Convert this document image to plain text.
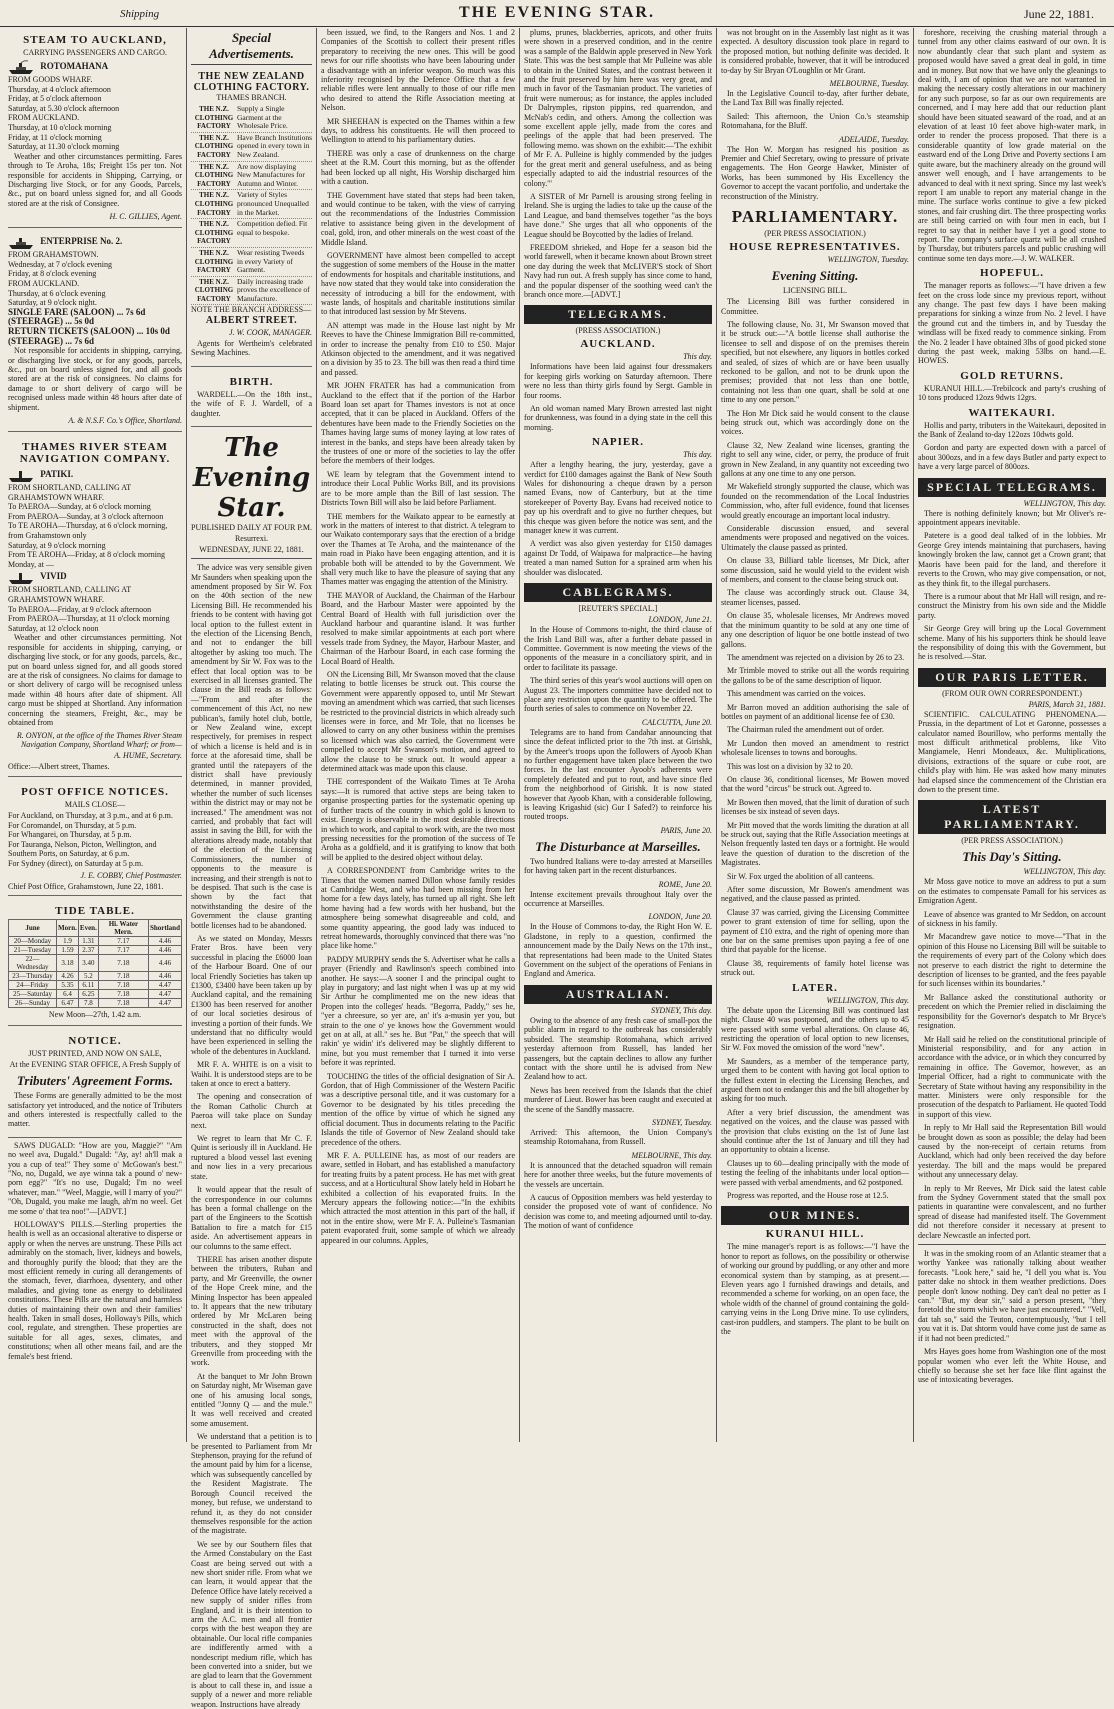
Shipping	THE EVENING STAR.	June 22, 1881.
STEAM TO AUCKLAND,
CARRYING PASSENGERS AND CARGO.
ROTOMAHANA
FROM GOODS WHARF.
Thursday, at 4 o'clock afternoon
Friday, at 5 o'clock afternoon
Saturday, at 5.30 o'clock afternoon
FROM AUCKLAND.
Thursday, at 10 o'clock morning
Friday, at 11 o'clock morning
Saturday, at 11.30 o'clock morning

Weather and other circumstances permitting. Fares through to Te Aroha, 18s; Freight 15s per ton. Not responsible for accidents in Shipping, Carrying, or Discharging live Stock, or for any Goods, Parcels, &c., put on board unless signed for, and all Goods stored are at the risk of Consignee.

H. C. GILLIES, Agent.
ENTERPRISE No. 2.
FROM GRAHAMSTOWN.
Wednesday, at 7 o'clock evening
Friday, at 8 o'clock evening
FROM AUCKLAND.
Thursday, at 6 o'clock evening
Saturday, at 9 o'clock night.
SINGLE FARE (SALOON) ... 7s 6d
(STEERAGE) ... 5s 0d
RETURN TICKETS (SALOON) ... 10s 0d
(STEERAGE) ... 7s 6d

Not responsible for accidents in shipping, carrying, or discharging live stock, or for any goods, parcels, &c., put on board unless signed for, and all goods stored are at the risk of consignees. No claims for damage to or short delivery of cargo will be recognised unless made within 48 hours after date of shipment.

A. & N.S.F. Co.'s Office, Shortland.
THAMES RIVER STEAM NAVIGATION COMPANY.
PATIKI.
FROM SHORTLAND, CALLING AT GRAHAMSTOWN WHARF.
To PAEROA—Sunday, at 6 o'clock morning
From PAEROA—Sunday, at 3 o'clock afternoon
To TE AROHA—Thursday, at 6 o'clock morning, from Grahamstown only
Saturday, at 9 o'clock morning
From TE AROHA—Friday, at 8 o'clock morning
Monday, at —
VIVID
FROM SHORTLAND, CALLING AT GRAHAMSTOWN WHARF.
To PAEROA—Friday, at 9 o'clock afternoon
From PAEROA—Thursday, at 11 o'clock morning
Saturday, at 12 o'clock noon

Weather and other circumstances permitting. Not responsible for accidents in shipping, carrying, or discharging live stock, or for any goods, parcels, &c., put on board unless signed for, and all goods stored are at the risk of consignees. No claims for damage to or short delivery of cargo will be recognised unless made within 48 hours after date of shipment. All cargo must be shipped at Shortland. Any information concerning the steamers, Freight, &c., may be obtained from

R. ONYON, at the office of the Thames River Steam Navigation Company, Shortland Wharf; or from—
A. HUME, Secretary.
Office:—Albert street, Thames.
POST OFFICE NOTICES.
MAILS CLOSE—
For Auckland, on Thursday, at 3 p.m., and at 6 p.m.
For Coromandel, on Thursday, at 5 p.m.
For Whangarei, on Thursday, at 5 p.m.
For Tauranga, Nelson, Picton, Wellington, and Southern Ports, on Saturday, at 6 p.m.
For Sydney (direct), on Saturday at 5 p.m.
J. E. COBBY, Chief Postmaster.
Chief Post Office, Grahamstown, June 22, 1881.
TIDE TABLE.
June	Morn.	Even.	Hi. Water Mern.	Shortland
20—Monday	1.9	1.31	7.17	4.46
21—Tuesday	1.59	2.37	7.17	4.46
22—Wednesday	3.18	3.40	7.18	4.46
23—Thursday	4.26	5.2	7.18	4.46
24—Friday	5.35	6.11	7.18	4.47
25—Saturday	6.4	6.25	7.18	4.47
26—Sunday	6.47	7.8	7.18	4.47
New Moon—27th, 1.42 a.m.
NOTICE.
JUST PRINTED, AND NOW ON SALE,
At the EVENING STAR OFFICE, A Fresh Supply of
Tributers' Agreement Forms.

These Forms are generally admitted to be the most satisfactory yet introduced, and the notice of Tributers and others interested is respectfully called to the matter.

SAWS DUGALD: "How are you, Maggie?" "Am no weel ava, Dugald." Dugald: "Ay, ay! ah'll mak a you a cup of tea!" They some o' McGowan's best." "No, no, Dugald, we aye winna tak a pound o' new-porn egg?" "It's no use, Dugald; I'm no weel whatever, man." "Weel, Maggie, will I marry of you?" "Oh, Dugald, you make me laugh, ah'm no weel. Get me some o' that tea noo!"—[ADVT.]

HOLLOWAY'S PILLS.—Sterling properties the health is well as an occasional alterative to disperse or apply or when the nerves are unstrung. These Pills act admirably on the stomach, liver, kidneys and bowels, and thoroughly purify the blood; that they are the most efficient remedy in curing all derangements of the stomach, fever, diarrhoea, dysentery, and other maladies, and giving tone as energy to debilitated constitutions. These Pills are the natural and harmless duties of maintaining their own and their families' health. Taken in small doses, Holloway's Pills, which cool, regulate, and strengthen. These properties are suitable for all ages, sexes, climates, and constitutions; when all other means fail, and are the female's best friend.

Special Advertisements.
THE NEW ZEALAND CLOTHING FACTORY.
THAMES BRANCH.
THE N.Z. CLOTHING FACTORY
Supply a Single Garment at the Wholesale Price.
THE N.Z. CLOTHING FACTORY
Have Branch Institutions opened in every town in New Zealand.
THE N.Z. CLOTHING FACTORY
Are now displaying New Manufactures for Autumn and Winter.
THE N.Z. CLOTHING FACTORY
Variety of Styles pronounced Unequalled in the Market.
THE N.Z. CLOTHING FACTORY
Competition defied. Fit equal to bespoke.
THE N.Z. CLOTHING FACTORY
Wear resisting Tweeds in every Variety of Garment.
THE N.Z. CLOTHING FACTORY
Daily increasing trade proves the excellence of Manufacture.
NOTE THE BRANCH ADDRESS—
ALBERT STREET.
J. W. COOK, MANAGER.

Agents for Wertheim's celebrated Sewing Machines.

BIRTH.

WARDELL.—On the 18th inst., the wife of F. J. Wardell, of a daughter.

The Evening Star.
PUBLISHED DAILY AT FOUR P.M.
Resurrexi.
WEDNESDAY, JUNE 22, 1881.

The advice was very sensible given Mr Saunders when speaking upon the amendment proposed by Sir W. Fox on the 40th section of the new Licensing Bill. He recommended his friends to be content with having got local option to the fullest extent in the election of the Licensing Bench, and not to endanger the bill altogether by asking too much. The amendment by Sir W. Fox was to the effect that local option was to be exercised in all licenses granted. The clause in the Bill reads as follows:—"From and after the commencement of this Act, no new publican's, family hotel club, bottle, or New Zealand wine, except respectively, for premises in respect of which a license is held and is in force at the aforesaid time, shall be granted until the ratepayers of the district shall have previously determined, in manner provided, whether the number of such licenses within the district may or may not be increased." The amendment was not carried, and probably that fact will assist in saving the Bill, for with the alterations already made, notably that of the election of the Licensing Commissioners, the number of opponents to the measure is increasing, and their strength is not to be despised. That such is the case is shown by the fact that notwithstanding the desire of the Government the clause granting bottle licenses had to be abandoned.

As we stated on Monday, Messrs Frater Bros. have been very successful in placing the £6000 loan of the Harbour Board. One of our local Friendly Societies has taken up £1300, £3400 have been taken up by Auckland capital, and the remaining £1300 has been reserved for another of our local societies desirous of investing a portion of their funds. We understand that no difficulty would have been experienced in selling the whole of the debentures in Auckland.

MR F. A. WHITE is on a visit to Waihi. It is understood steps are to be taken at once to erect a battery.

The opening and consecration of the Roman Catholic Church at Paeroa will take place on Sunday next.

We regret to learn that Mr C. F. Quint is seriously ill in Auckland. He ruptured a blood vessel last evening and now lies in a very precarious state.

It would appear that the result of the correspondence in our columns has been a formal challenge on the part of the Engineers to the Scottish Battalion to fire a match for £15 aside. An advertisement appears in our columns to the same effect.

THERE has arisen another dispute between the tributers, Ruhan and party, and Mr Greenville, the owner of the Hope Creek mine, and the Mining Inspector has been appealed to. It appears that the new tributary ordered by Mr McLaren being constructed in the shaft, does not meet with the approval of the tributers, and they stopped Mr Greenville from proceeding with the work.

At the banquet to Mr John Brown on Saturday night, Mr Wiseman gave one of his amusing local songs, entitled "Jonny Q — and the mule." It was well received and created some amusement.

We understand that a petition is to be presented to Parliament from Mr Stephenson, praying for the refund of the amount paid by him for a license, which was subsequently cancelled by the Resident Magistrate. The Borough Council received the money, but refuse, we understand to refund it, as they do not consider themselves responsible for the action of the magistrate.

We see by our Southern files that the Armed Constabulary on the East Coast are being served out with a new short snider rifle. From what we can learn, it would appear that the Defence Office have lately received a new supply of snider rifles from England, and it is their intention to arm the A.C. men and all frontier corps with the best weapon they are obtainable. Our local rifle companies are indifferently armed with a nondescript medium rifle, which has been converted into a snider, but we are glad to learn that the Government is about to call these in, and issue a supply of a newer and more reliable weapon. Instructions have already

been issued, we find, to the Rangers and Nos. 1 and 2 Companies of the Scottish to collect their present rifles preparatory to receiving the new ones. This will be good news for our rifle shootists who have been labouring under a disadvantage with an inferior weapon. So much was this inferiority recognised by the Defence Office that a few reliable rifles were lent annually to those of our rifle men who desired to attend the Rifle Association meeting at Nelson.

MR SHEEHAN is expected on the Thames within a few days, to address his constituents. He will then proceed to Wellington to attend to his parliamentary duties.

THERE was only a case of drunkenness on the charge sheet at the R.M. Court this morning, but as the offender had been locked up all night, His Worship discharged him with a caution.

THE Government have stated that steps had been taken, and would continue to be taken, with the view of carrying out the recommendations of the Industries Commission relative to assistance being given in the development of coal, gold, iron, and other minerals on the west coast of the Middle Island.

GOVERNMENT have almost been compelled to accept the suggestion of some members of the House in the matter of endowments for hospitals and charitable institutions, and have now stated that they would take into consideration the necessity of introducing a bill for the endowment, with waste lands, of hospitals and charitable institutions similar to that introduced last session by Mr Stevens.

AN attempt was made in the House last night by Mr Reeves to have the Chinese Immigration Bill re-committed, in order to increase the penalty from £10 to £50. Major Atkinson objected to the amendment, and it was negatived on a division by 35 to 23. The bill was then read a third time and passed.

MR JOHN FRATER has had a communication from Auckland to the effect that if the portion of the Harbor Board loan set apart for Thames investors is not at once accepted, that it can be placed in Auckland. Offers of the debentures have been made to the Friendly Societies on the Thames having large sums of money laying at low rates of interest in the banks, and steps have been already taken by the trustees of one or more of the societies to lay the offer before the members of their lodges.

WE learn by telegram that the Government intend to introduce their Local Public Works Bill, and its provisions are to be more ample than the Bill of last session. The Districts Town Bill will also be laid before Parliament.

THE members for the Waikato appear to be earnestly at work in the matters of interest to that district. A telegram to our Waikato contemporary says that the erection of a bridge over the Thames at Te Aroha, and the maintenance of the main road in Piako have been engaging attention, and it is probable both will be attended to by the Government. We shall very much like to have the pleasure of saying that any Thames matter was engaging the attention of the Ministry.

THE MAYOR of Auckland, the Chairman of the Harbour Board, and the Harbour Master were appointed by the Central Board of Health with full jurisdiction over the Auckland harbour and quarantine island. It was further resolved to make similar appointments at each port where vessels trade from Sydney, the Mayor, Harbour Master, and Chairman of the Harbour Board, in each case forming the Local Board of Health.

ON the Licensing Bill, Mr Swanson moved that the clause relating to bottle licenses be struck out. This course the Government were apparently opposed to, until Mr Stewart moving an amendment which was carried, that such licenses be restricted to the provincial districts in which already such licenses were in force, and Mr Tole, that no licenses be allowed to carry on any other business within the premises so licensed which was also carried, the Government were compelled to accept Mr Swanson's motion, and agreed to allow the clause to be struck out. It would appear a determined attack was made upon this clause.

THE correspondent of the Waikato Times at Te Aroha says:—It is rumored that active steps are being taken to organise prospecting parties for the systematic opening up of further tracts of the country in which gold is known to exist. Energy is observable in the most desirable directions in which to work, and capital to work with, are the two most pressing necessities for the promotion of the success of Te Aroha as a goldfield, and it is gratifying to know that both will be applied to the desired object without delay.

A CORRESPONDENT from Cambridge writes to the Times that the women named Dillon whose family resides at Cambridge West, and who had been missing from her home for a few days lately, has turned up all right. She left home having had a few words with her husband, but the atmosphere being somewhat disagreeable and cold, and some quantity appearing, the good lady was induced to retreat homewards, thoroughly convinced that there was "no place like home."

PADDY MURPHY sends the S. Advertiser what he calls a prayer (Friendly and Rawlinson's speech combined into another. He says:—A sooner I and the principal ought to play in purgatory; and last night when I was up at my wid Sir Arthur he complimented me on the new ideas that Propen into the colleges' heads. "Begorra, Paddy," ses he, "yer a chreesure, so yer are, an' it's a-musin yer you, but strain to the one o' ye knows how the Government would get on at all, at all." ses he. But "Pat," the speech that will rakin' ye widin' it's delivered may be slightly different to mine, but you must remember that I turned it into verse before it was reprinted.

TOUCHING the titles of the official designation of Sir A. Gordon, that of High Commissioner of the Western Pacific was a descriptive personal title, and it was customary for a Governor to be designated by his titles preceding the mention of the office by virtue of which he signed any official document. Thus in documents relating to the Pacific Islands the title of Governor of New Zealand should take precedence of the others.

MR F. A. PULLEINE has, as most of our readers are aware, settled in Hobart, and has established a manufactory for treating fruits by a patent process. He has met with great success, and at a Horticultural Show lately held in Hobart he exhibited a collection of his evaporated fruits. In the Mercury appears the following notice:—"In the exhibits which attracted the most attention in this part of the hall, if not in the entire show, were Mr F. A. Pulleine's Tasmanian patent evaporated fruit, some sample of which we already appeared in our columns. Apples,

plums, prunes, blackberries, apricots, and other fruits were shown in a preserved condition, and in the centre was a sample of the Baldwin apple preserved in New York State. This was the best sample that Mr Pulleine was able to obtain in the United States, and the contrast between it and the fruit preserved by him here was very great, and much in favor of the Tasmanian product. The varieties of fruit were numerous; as for instance, the apples included Dr Dalrymples, ripston pippins, red quarrendon, and McNab's cedin, and others. Among the collection was some excellent apple jelly, made from the cores and peelings of the apple that had been preserved. The following memo. was shown on the exhibit:—'The exhibit of Mr F. A. Pulleine is highly commended by the judges for the great merit and general usefulness, and as being especially adapted to aid the industrial resources of the colony.'"

A SISTER of Mr Parnell is arousing strong feeling in Ireland. She is urging the ladies to take up the cause of the Land League, and band themselves together "as the boys have done." She urges that all who opponents of the League should be Boycotted by the ladies of Ireland.

FREEDOM shrieked, and Hope fer a season bid the world farewell, when it became known about Brown street one day during the week that McLIVER'S stock of Short Navy had run out. A fresh supply has since come to hand, and the popular dispenser of the soothing weed can't the branch once more.—[ADVT.]

TELEGRAMS.
(PRESS ASSOCIATION.)
AUCKLAND.
This day.

Informations have been laid against four dressmakers for keeping girls working on Saturday afternoon. There were no less than thirty girls found by Sergt. Gamble in four rooms.

An old woman named Mary Brown arrested last night for drunkenness, was found in a dying state in the cell this morning.

NAPIER.
This day.

After a lengthy hearing, the jury, yesterday, gave a verdict for £100 damages against the Bank of New South Wales for dishonouring a cheque drawn by a person named Evans, now of Canterbury, but at the time storekeeper of Poverty Bay. Evans had received notice to pay up his overdraft and to give no further cheques, but this cheque was given before the notice was sent, and the manager knew it was current.

A verdict was also given yesterday for £150 damages against Dr Todd, of Waipawa for malpractice—he having treated a man named Sutton for a sprained arm when his shoulder was dislocated.

CABLEGRAMS.
[REUTER'S SPECIAL.]
LONDON, June 21.

In the House of Commons to-night, the third clause of the Irish Land Bill was, after a further debate passed in Committee. Government is now meeting the views of the opponents of the measure in a conciliatory spirit, and in order to facilitate its passage.

The third series of this year's wool auctions will open on August 23. The importers committee have decided not to place any restriction upon the quantity to be offered. The fourth series of sales to commence on November 22.

CALCUTTA, June 20.

Telegrams are to hand from Candahar announcing that since the defeat inflicted prior to the 7th inst. at Girishk, by the Ameer's troops upon the followers of Ayoob Khan no further engagement have taken place between the two forces. In the last encounter Ayoob's adherents were completely defeated and put to rout, and have since fled from the neighborhood of Girishk. It is now stated however that Ayoob Khan, with a considerable following, is leaving Krigashid (sic) Gur I Safed?) to reinforce his routed troops.

PARIS, June 20.
The Disturbance at Marseilles.

Two hundred Italians were to-day arrested at Marseilles for having taken part in the recent disturbances.

ROME, June 20.

Intense excitement prevails throughout Italy over the occurrence at Marseilles.

LONDON, June 20.

In the House of Commons to-day, the Right Hon W. E. Gladstone, in reply to a question, confirmed the announcement made by the Daily News on the 17th inst., that representations had been made to the United States Government on the subject of the operations of Fenians in England and America.

AUSTRALIAN.
SYDNEY, This day.

Owing to the absence of any fresh case of small-pox the public alarm in regard to the outbreak has considerably subsided. The steamship Rotomahana, which arrived yesterday afternoon from Russell, has landed her passengers, but the captain declines to allow any further contact with the shore until he is advised from New Zealand how to act.

News has been received from the Islands that the chief murderer of Lieut. Bower has been caught and executed at the scene of the Sandfly massacre.

SYDNEY, Tuesday.

Arrived: This afternoon, the Union Company's steamship Rotomahana, from Russell.

MELBOURNE, This day.

It is announced that the detached squadron will remain here for another three weeks, but the future movements of the vessels are uncertain.

A caucus of Opposition members was held yesterday to consider the proposed vote of want of confidence. No decision was come to, and meeting adjourned until to-day. The motion of want of confidence

was not brought on in the Assembly last night as it was expected. A desultory discussion took place in regard to the proposed motion, but nothing definite was decided. It is considered probable, however, that it will be introduced to-day by Sir Bryan O'Loughlin or Mr Grant.

MELBOURNE, Tuesday.

In the Legislative Council to-day, after further debate, the Land Tax Bill was finally rejected.

Sailed: This afternoon, the Union Co.'s steamship Rotomahana, for the Bluff.

ADELAIDE, Tuesday.

The Hon W. Morgan has resigned his position as Premier and Chief Secretary, owing to pressure of private engagements. The Hon George Hawker, Minister of Works, has been summoned by His Excellency the Governor to accept the vacant portfolio, and undertake the reconstruction of the Ministry.

PARLIAMENTARY.
(PER PRESS ASSOCIATION.)
HOUSE REPRESENTATIVES.
WELLINGTON, Tuesday.
Evening Sitting.
LICENSING BILL.

The Licensing Bill was further considered in Committee.

The following clause, No. 31, Mr Swanson moved that it be struck out:—"A bottle license shall authorise the licensee to sell and dispose of on the premises therein specified, but not elsewhere, any liquors in bottles corked and sealed, of sizes of which are or have been usually reckoned to be gallon, and not to be drunk upon the premises; provided that not less than one bottle, containing not less than one quart, shall be sold at one time to any one person."

The Hon Mr Dick said he would consent to the clause being struck out, which was accordingly done on the voices.

Clause 32, New Zealand wine licenses, granting the right to sell any wine, cider, or perry, the produce of fruit grown in New Zealand, in any quantity not exceeding two gallons at any one time to any one person.

Mr Wakefield strongly supported the clause, which was founded on the recommendation of the Local Industries Commission, who, after full evidence, found that licenses would greatly encourage an important local industry.

Considerable discussion ensued, and several amendments were proposed and negatived on the voices. Ultimately the clause passed as printed.

On clause 33, Billiard table licenses, Mr Dick, after some discussion, said he would yield to the evident wish of members, and consent to the clause being struck out.

The clause was accordingly struck out. Clause 34, steamer licenses, passed.

On clause 35, wholesale licenses, Mr Andrews moved that the minimum quantity to be sold at any one time of any one description of liquor be one bottle instead of two gallons.

The amendment was rejected on a division by 26 to 23.

Mr Trimble moved to strike out all the words requiring the gallons to be of the same description of liquor.

This amendment was carried on the voices.

Mr Barron moved an addition authorising the sale of bottles on payment of an additional license fee of £30.

The Chairman ruled the amendment out of order.

Mr Lundon then moved an amendment to restrict wholesale licenses to towns and boroughs.

This was lost on a division by 32 to 20.

On clause 36, conditional licenses, Mr Bowen moved that the word "circus" be struck out. Agreed to.

Mr Bowen then moved, that the limit of duration of such licenses be six instead of seven days.

Mr Pitt moved that the words limiting the duration at all be struck out, saying that the Rifle Association meetings at Nelson frequently lasted ten days or a fortnight. He would leave the question of duration to the discretion of the Magistrates.

Sir W. Fox urged the abolition of all canteens.

After some discussion, Mr Bowen's amendment was negatived, and the clause passed as printed.

Clause 37 was carried, giving the Licensing Committee power to grant extension of time for selling, upon the payment of £10 extra, and the right of opening more than one bar on the same premises upon paying a fee of one third that payable for the license.

Clause 38, requirements of family hotel license was struck out.

LATER.
WELLINGTON, This day.

The debate upon the Licensing Bill was continued last night. Clause 40 was postponed, and the others up to 45 were passed with some verbal alterations. On clause 46, restricting the operation of local option to new licenses, Sir W. Fox moved the omission of the word "new".

Mr Saunders, as a member of the temperance party, urged them to be content with having got local option to the fullest extent in electing the Licensing Benches, and argued them not to endanger this and the bill altogether by asking for too much.

After a very brief discussion, the amendment was negatived on the voices, and the clause was passed with the provision that clubs existing on the 1st of June last should continue after the 1st of January and till they had an opportunity to obtain a license.

Clauses up to 60—dealing principally with the mode of testing the feeling of the inhabitants under local option—were passed with verbal amendments, and 62 postponed.

Progress was reported, and the House rose at 12.5.

OUR MINES.
KURANUI HILL.

The mine manager's report is as follows:—"I have the honor to report as follows, on the possibility or otherwise of working our ground by puddling, or any other and more economical system than by stamping, as at present.—Eleven years ago I furnished drawings and details, and recommended a scheme for working, on an open face, the whole width of the channel of ground containing the gold-carrying veins in the Long Drive mine. To use cylinders, cast-iron puddlers, and stampers. The plant to be built on the

foreshore, receiving the crushing material through a tunnel from any other claims eastward of our own. It is now abundantly clear that such plant and system as proposed would have saved a great deal in gold, in time and in money. But now that we have only the gleanings to deal with, I am of opinion that we are not warranted in making the necessary costly alterations in our machinery for any such purpose, so far as our own requirements are concerned, and I may here add that our reduction plant should have been situated seaward of the road, and at an elevation of at least 10 feet above high-water mark, in order to render the process proposed. That there is a considerable quantity of low grade material on the eastward end of the Long Drive and Poverty sections I am quite aware, but the machinery already on the ground will answer well enough, and I have arrangements to be advanced to deal with it next spring. Since my last week's report I am unable to report any material change in the mine. The surface works continue to give a few picked stones, and fair crushing dirt. The three prospecting works are still being carried on with four men in each, but I regret to say that in neither have I yet a good stone to report. The company's surface quartz will be all crushed by Thursday, but tributers parcels and public crushing will continue some ten days more.—J. W. WALKER.

HOPEFUL.

The manager reports as follows:—"I have driven a few feet on the cross lode since my previous report, without any change. The past few days I have been making preparations for sinking a winze from No. 2 level. I have the ground cut and the timbers in, and by Tuesday the windlass will be fixed ready to commence sinking. From the No. 2 leader I have obtained 3lbs of good picked stone during the past week, making 53lbs on hand.—E. HOWES.

GOLD RETURNS.

KURANUI HILL.—Trebilcock and party's crushing of 10 tons produced 12ozs 9dwts 12grs.

WAITEKAURI.

Hollis and party, tributers in the Waitekauri, deposited in the Bank of Zealand to-day 122ozs 10dwts gold.

Gordon and party are expected down with a parcel of about 300ozs, and in a few days Butler and party expect to have a very large parcel of 800ozs.

SPECIAL TELEGRAMS.
WELLINGTON, This day.

There is nothing definitely known; but Mr Oliver's re-appointment appears inevitable.

Patetere is a good deal talked of in the lobbies. Mr George Grey intends maintaining that purchasers, having knowingly broken the law, cannot get a Crown grant; that Maoris have been paid for the land, and therefore it reverts to the Crown, who may give compensation, or not, as they think fit, to the illegal purchasers.

There is a rumour about that Mr Hall will resign, and re-construct the Ministry from his own side and the Middle party.

Sir George Grey will bring up the Local Government scheme. Many of his his supporters think he should leave the responsibility of doing this with the Government, but he is resolved.—Star.

OUR PARIS LETTER.
(FROM OUR OWN CORRESPONDENT.)
PARIS, March 31, 1881.

SCIENTIFIC. CALCULATING PHENOMENA.—Prussia, in the department of Lot et Garonne, possesses a calculator named Bourillow, who performs mentally the most difficult arithmetical problems, like Vito Mangiamele, Henri Mondeaux, &c. Multiplications, divisions, extractions of the square or cube root, are child's play with him. He was asked how many minutes had elapsed since the commencement of the Christian era down to the present time.

LATEST PARLIAMENTARY.
(PER PRESS ASSOCIATION.)
This Day's Sitting.
WELLINGTON, This day.

Mr Moss gave notice to move an address to put a sum on the estimates to compensate Pamall for his services as Emigration Agent.

Leave of absence was granted to Mr Seddon, on account of sickness in his family.

Mr Macandrew gave notice to move—"That in the opinion of this House no Licensing Bill will be suitable to the requirements of every part of the Colony which does not preserve to each district the right to determine the description of licenses to be granted, and the fees payable for such licenses within its boundaries."

Mr Ballance asked the constitutional authority or precedent on which the Premier relied in disclaiming the responsibility for the Governor's despatch to Mr Bryce's resignation.

Mr Hall said he relied on the constitutional principle of Ministerial responsibility, and for any action in accordance with the advice, or in which they concurred by remaining in office. The Governor, however, as an Imperial Officer, had a right to communicate with the Secretary of State without having any responsibility in the matter. Ministers were only responsible for the prosecution of the despatch to Parliament. He quoted Todd in support of this view.

In reply to Mr Hall said the Representation Bill would be brought down as soon as possible; the delay had been caused by the non-receipt of certain returns from Auckland, which had only been received the day before yesterday. The bill and the maps would be prepared without any unnecessary delay.

In reply to Mr Reeves, Mr Dick said the latest cable from the Sydney Government stated that the small pox patients in quarantine were convalescent, and no further spread of disease had manifested itself. The Government did not therefore consider it necessary at present to declare Newcastle an infected port.

It was in the smoking room of an Atlantic steamer that a worthy Yankee was rationally talking about weather forecasts. "Look here," said he, "I dell you what is. You patter dake no shtock in them weather predictions. Does people don't know nothing. Dey can't deal no petter as I can." "But, my dear sir," said a person present, "they foretold the storm which we have just encountered." "Vell, dat tah so," said the Teuton, contemptuously, "but I tell you vat it is. Dat shtorm vould have come just de same as if it had not been predicted."

Mrs Hayes goes home from Washington one of the most popular women who ever left the White House, and chiefly so because she set her face like flint against the use of intoxicating beverages.
